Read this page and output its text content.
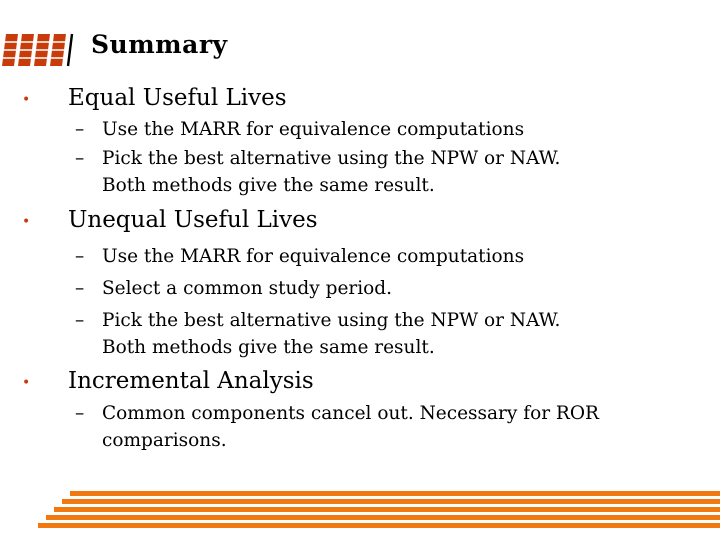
Summary
• Equal Useful Lives
– Use the MARR for equivalence computations
– Pick the best alternative using the NPW or NAW.
Both methods give the same result.
• Unequal Useful Lives
– Use the MARR for equivalence computations
– Select a common study period.
– Pick the best alternative using the NPW or NAW.
Both methods give the same result.
• Incremental Analysis
– Common components cancel out. Necessary for ROR
comparisons.
